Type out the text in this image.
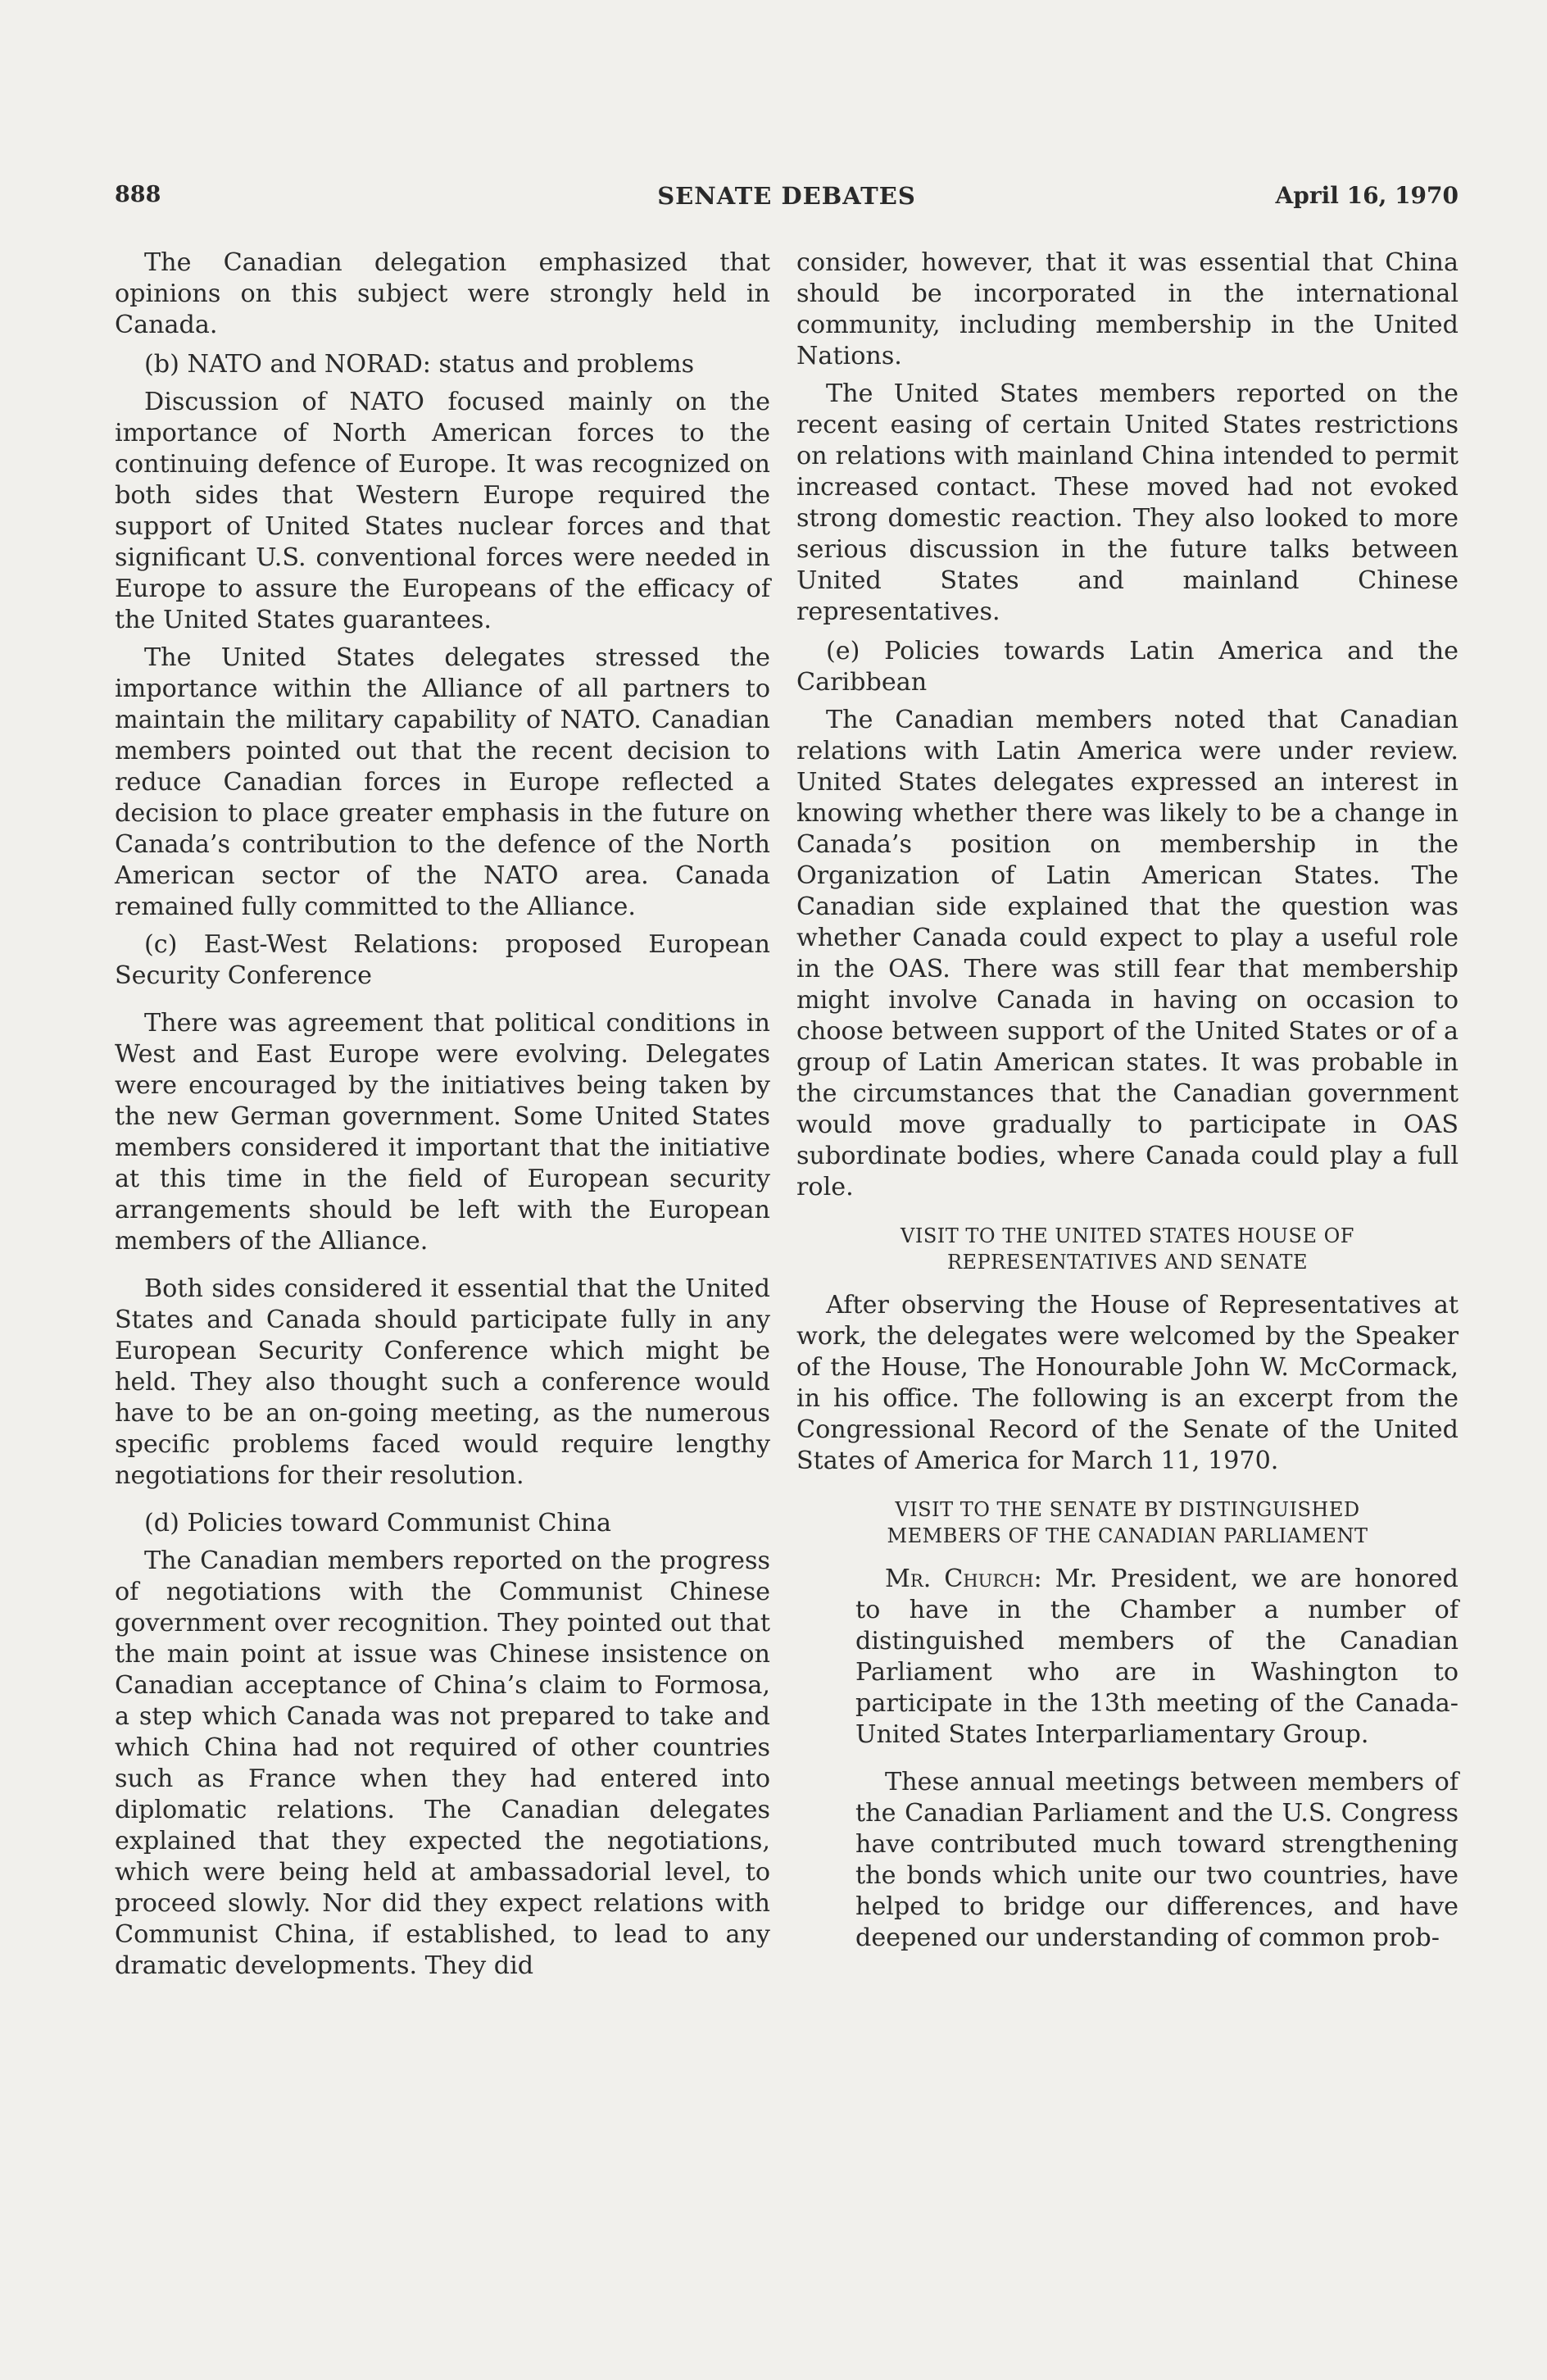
888	SENATE DEBATES	April 16, 1970

The Canadian delegation emphasized that opinions on this subject were strongly held in Canada.

(b) NATO and NORAD: status and problems

Discussion of NATO focused mainly on the importance of North American forces to the continuing defence of Europe. It was recognized on both sides that Western Europe required the support of United States nuclear forces and that significant U.S. conventional forces were needed in Europe to assure the Europeans of the efficacy of the United States guarantees.

The United States delegates stressed the importance within the Alliance of all partners to maintain the military capability of NATO. Canadian members pointed out that the recent decision to reduce Canadian forces in Europe reflected a decision to place greater emphasis in the future on Canada’s contribution to the defence of the North American sector of the NATO area. Canada remained fully committed to the Alliance.

(c) East-West Relations: proposed European Security Conference

There was agreement that political conditions in West and East Europe were evolving. Delegates were encouraged by the initiatives being taken by the new German government. Some United States members considered it important that the initiative at this time in the field of European security arrangements should be left with the European members of the Alliance.

Both sides considered it essential that the United States and Canada should participate fully in any European Security Conference which might be held. They also thought such a conference would have to be an on-going meeting, as the numerous specific problems faced would require lengthy negotiations for their resolution.

(d) Policies toward Communist China

The Canadian members reported on the progress of negotiations with the Communist Chinese government over recognition. They pointed out that the main point at issue was Chinese insistence on Canadian acceptance of China’s claim to Formosa, a step which Canada was not prepared to take and which China had not required of other countries such as France when they had entered into diplomatic relations. The Canadian delegates explained that they expected the negotiations, which were being held at ambassadorial level, to proceed slowly. Nor did they expect relations with Communist China, if established, to lead to any dramatic developments. They did

consider, however, that it was essential that China should be incorporated in the international community, including membership in the United Nations.

The United States members reported on the recent easing of certain United States restrictions on relations with mainland China intended to permit increased contact. These moved had not evoked strong domestic reaction. They also looked to more serious discussion in the future talks between United States and mainland Chinese representatives.

(e) Policies towards Latin America and the Caribbean

The Canadian members noted that Canadian relations with Latin America were under review. United States delegates expressed an interest in knowing whether there was likely to be a change in Canada’s position on membership in the Organization of Latin American States. The Canadian side explained that the question was whether Canada could expect to play a useful role in the OAS. There was still fear that membership might involve Canada in having on occasion to choose between support of the United States or of a group of Latin American states. It was probable in the circumstances that the Canadian government would move gradually to participate in OAS subordinate bodies, where Canada could play a full role.

VISIT TO THE UNITED STATES HOUSE OF
REPRESENTATIVES AND SENATE

After observing the House of Representatives at work, the delegates were welcomed by the Speaker of the House, The Honourable John W. McCormack, in his office. The following is an excerpt from the Congressional Record of the Senate of the United States of America for March 11, 1970.

VISIT TO THE SENATE BY DISTINGUISHED
MEMBERS OF THE CANADIAN PARLIAMENT

Mr. Church: Mr. President, we are honored to have in the Chamber a number of distinguished members of the Canadian Parliament who are in Washington to participate in the 13th meeting of the Canada-United States Interparliamentary Group.

These annual meetings between members of the Canadian Parliament and the U.S. Congress have contributed much toward strengthening the bonds which unite our two countries, have helped to bridge our differences, and have deepened our understanding of common prob-
